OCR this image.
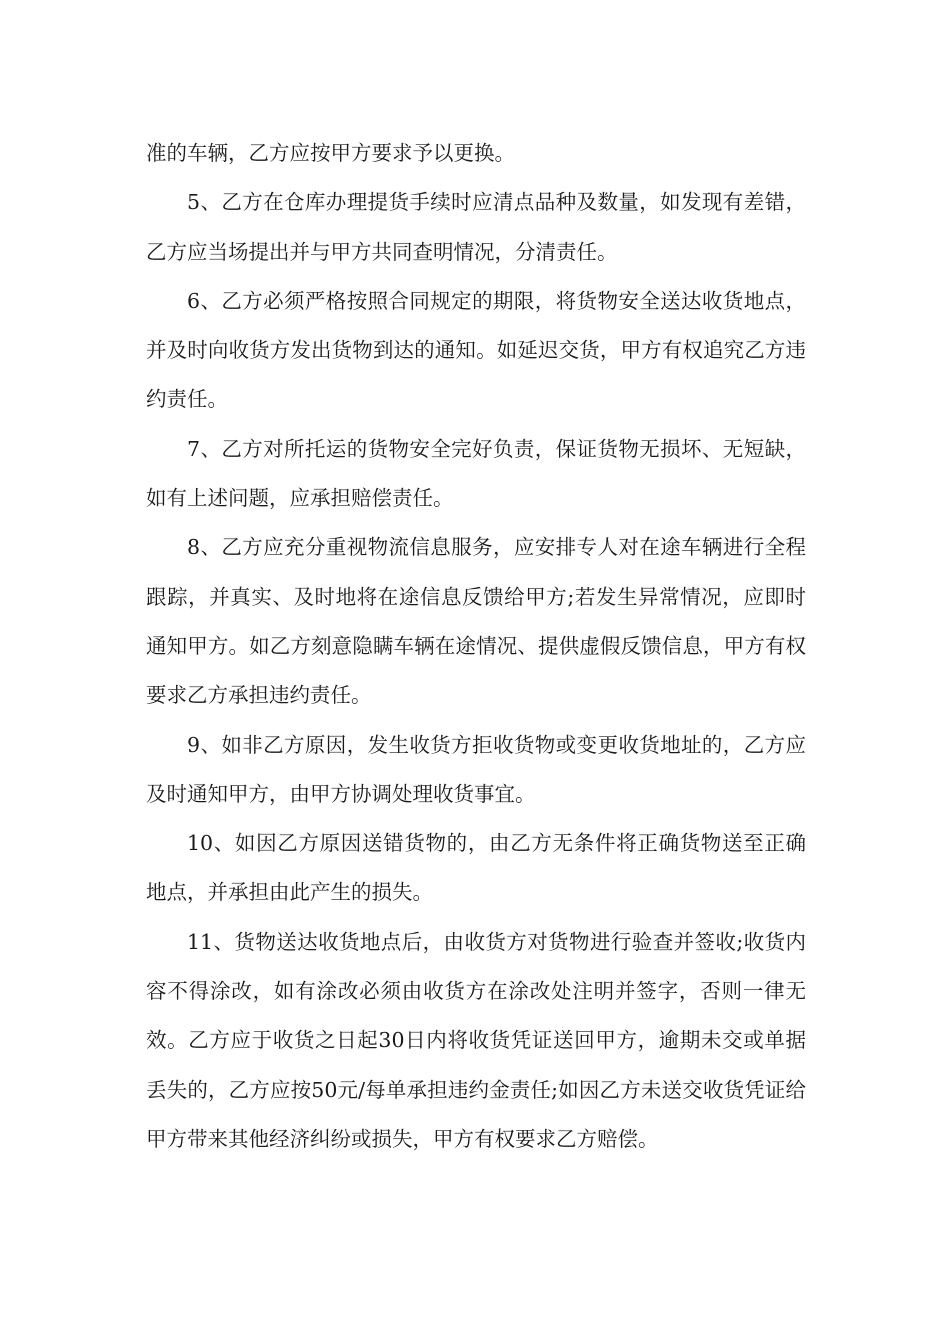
准的车辆，乙方应按甲方要求予以更换。

5、乙方在仓库办理提货手续时应清点品种及数量，如发现有差错，乙方应当场提出并与甲方共同查明情况，分清责任。

6、乙方必须严格按照合同规定的期限，将货物安全送达收货地点，并及时向收货方发出货物到达的通知。如延迟交货，甲方有权追究乙方违约责任。

7、乙方对所托运的货物安全完好负责，保证货物无损坏、无短缺，如有上述问题，应承担赔偿责任。

8、乙方应充分重视物流信息服务，应安排专人对在途车辆进行全程跟踪，并真实、及时地将在途信息反馈给甲方;若发生异常情况，应即时通知甲方。如乙方刻意隐瞒车辆在途情况、提供虚假反馈信息，甲方有权要求乙方承担违约责任。

9、如非乙方原因，发生收货方拒收货物或变更收货地址的，乙方应及时通知甲方，由甲方协调处理收货事宜。

10、如因乙方原因送错货物的，由乙方无条件将正确货物送至正确地点，并承担由此产生的损失。

11、货物送达收货地点后，由收货方对货物进行验查并签收;收货内容不得涂改，如有涂改必须由收货方在涂改处注明并签字，否则一律无效。乙方应于收货之日起30日内将收货凭证送回甲方，逾期未交或单据丢失的，乙方应按50元/每单承担违约金责任;如因乙方未送交收货凭证给甲方带来其他经济纠纷或损失，甲方有权要求乙方赔偿。
